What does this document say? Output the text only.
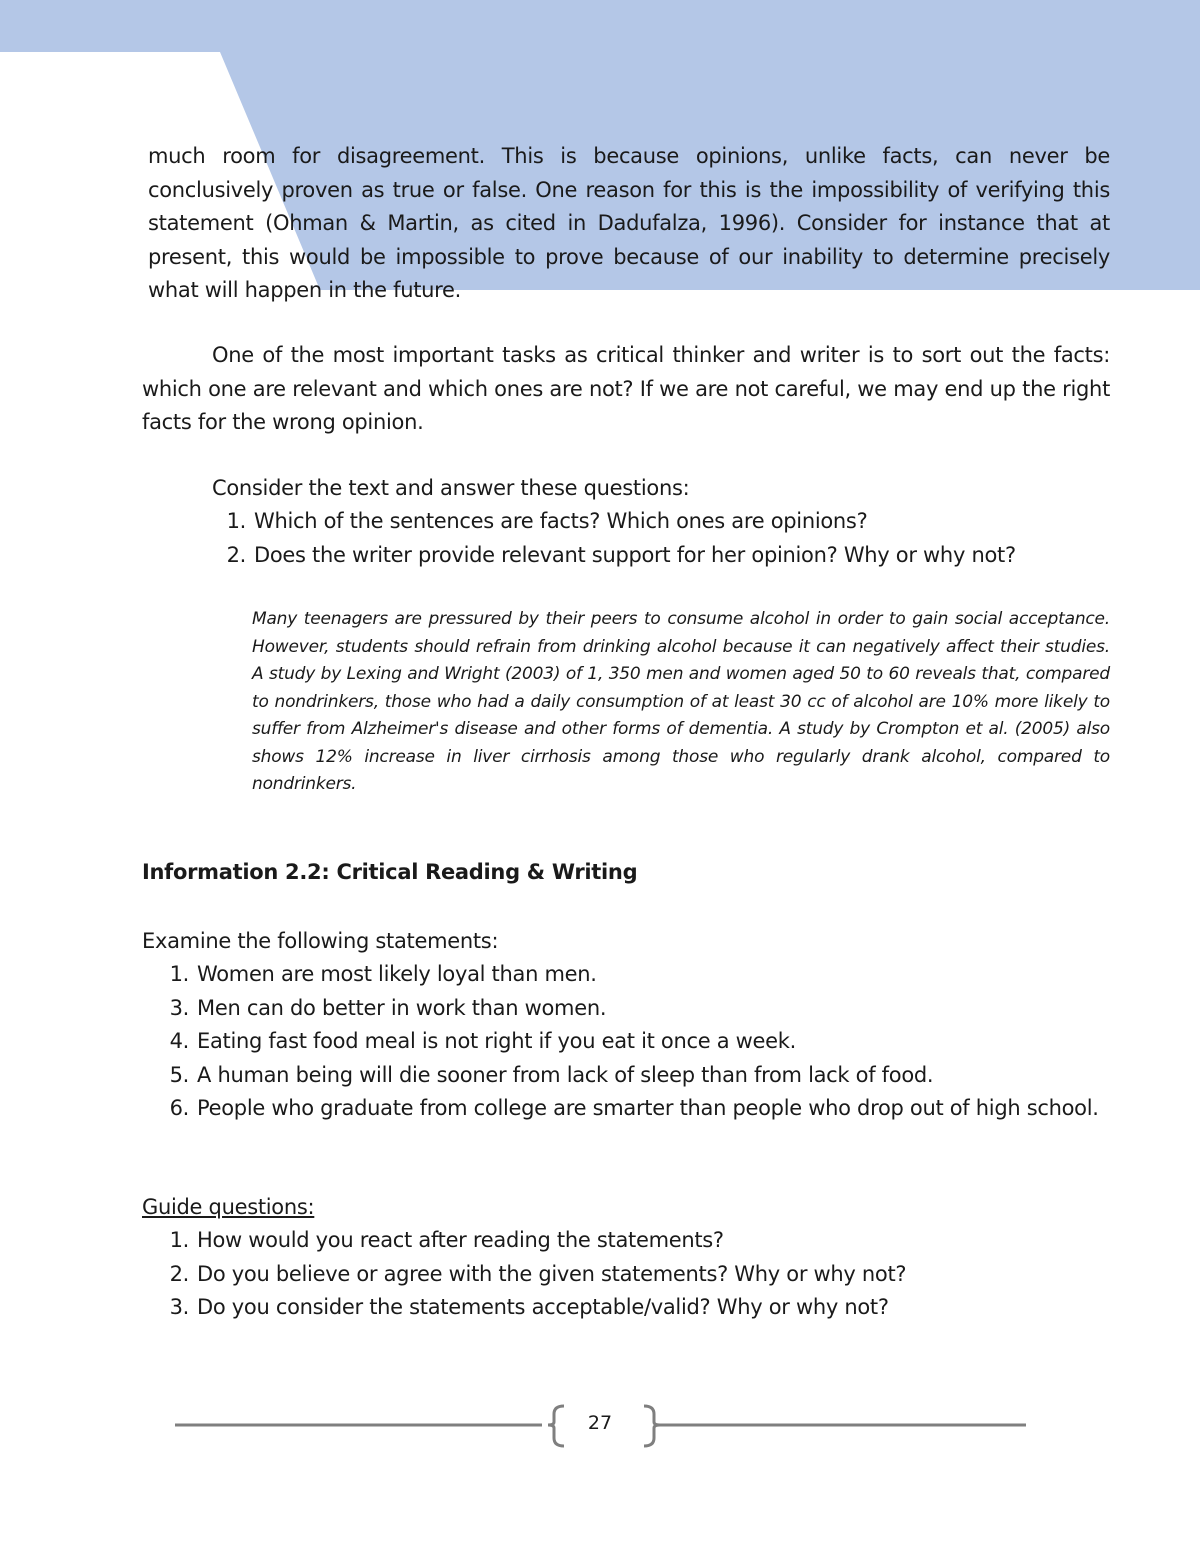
much room for disagreement. This is because opinions, unlike facts, can never be conclusively proven as true or false. One reason for this is the impossibility of verifying this statement (Ohman & Martin, as cited in Dadufalza, 1996). Consider for instance that at present, this would be impossible to prove because of our inability to determine precisely what will happen in the future.

One of the most important tasks as critical thinker and writer is to sort out the facts: which one are relevant and which ones are not? If we are not careful, we may end up the right facts for the wrong opinion.

Consider the text and answer these questions:

1. Which of the sentences are facts? Which ones are opinions?
2. Does the writer provide relevant support for her opinion? Why or why not?

Many teenagers are pressured by their peers to consume alcohol in order to gain social acceptance. However, students should refrain from drinking alcohol because it can negatively affect their studies. A study by Lexing and Wright (2003) of 1, 350 men and women aged 50 to 60 reveals that, compared to nondrinkers, those who had a daily consumption of at least 30 cc of alcohol are 10% more likely to suffer from Alzheimer's disease and other forms of dementia. A study by Crompton et al. (2005) also shows 12% increase in liver cirrhosis among those who regularly drank alcohol, compared to nondrinkers.

Information 2.2: Critical Reading & Writing

Examine the following statements:

1. Women are most likely loyal than men.
3. Men can do better in work than women.
4. Eating fast food meal is not right if you eat it once a week.
5. A human being will die sooner from lack of sleep than from lack of food.
6. People who graduate from college are smarter than people who drop out of high school.

Guide questions:

1. How would you react after reading the statements?
2. Do you believe or agree with the given statements? Why or why not?
3. Do you consider the statements acceptable/valid? Why or why not?
27
